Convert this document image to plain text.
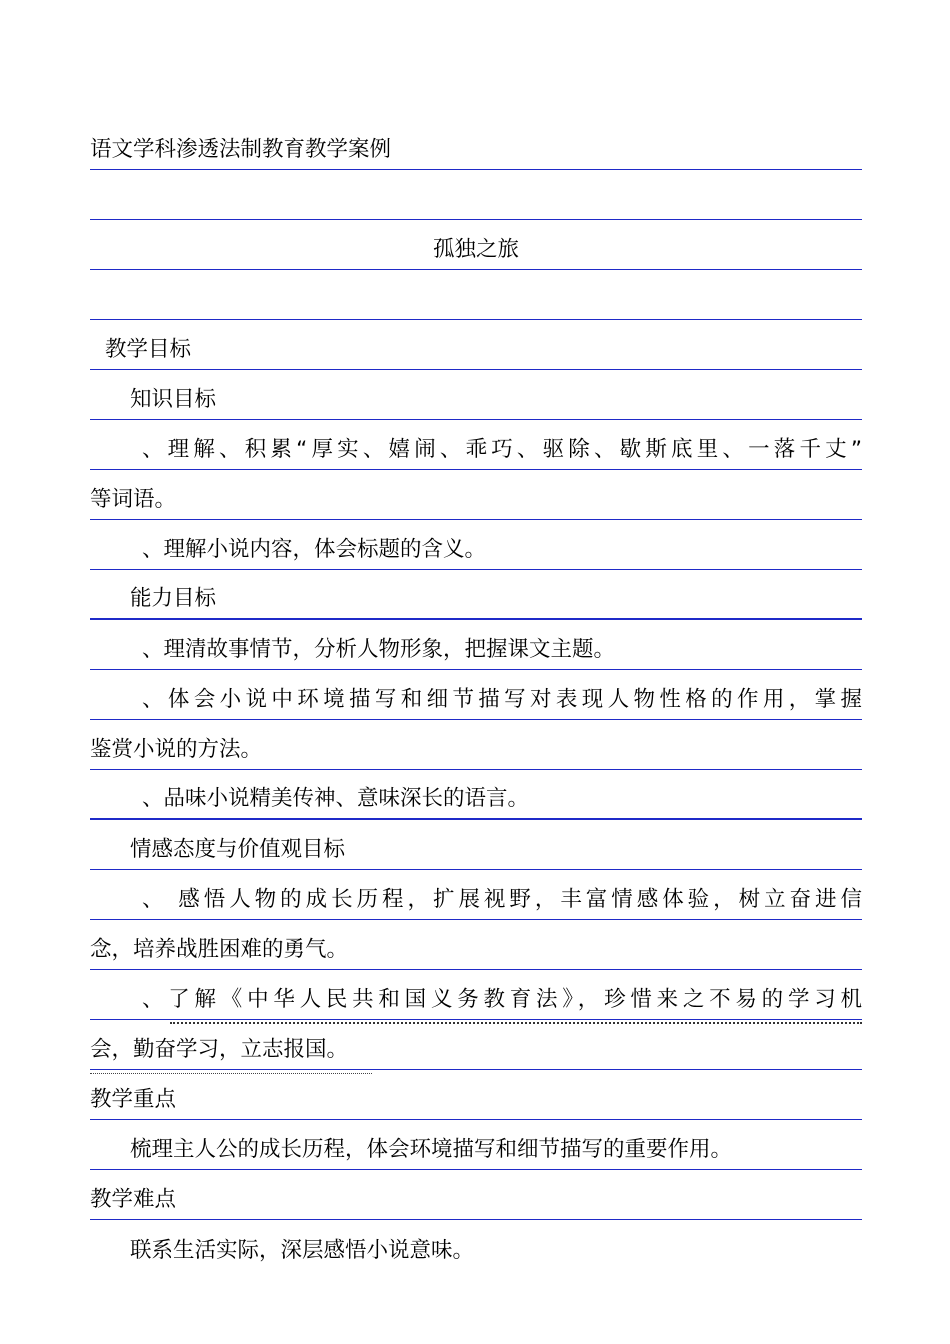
语文学科渗透法制教育教学案例
孤独之旅
教学目标
知识目标
、理解、积累“厚实、嬉闹、乖巧、驱除、歇斯底里、一落千丈”
等词语。
、理解小说内容，体会标题的含义。
能力目标
、理清故事情节，分析人物形象，把握课文主题。
、体会小说中环境描写和细节描写对表现人物性格的作用，掌握
鉴赏小说的方法。
、品味小说精美传神、意味深长的语言。
情感态度与价值观目标
、 感悟人物的成长历程，扩展视野，丰富情感体验，树立奋进信
念，培养战胜困难的勇气。
、了解《中华人民共和国义务教育法》，珍惜来之不易的学习机
会，勤奋学习，立志报国。
教学重点
梳理主人公的成长历程，体会环境描写和细节描写的重要作用。
教学难点
联系生活实际，深层感悟小说意味。
